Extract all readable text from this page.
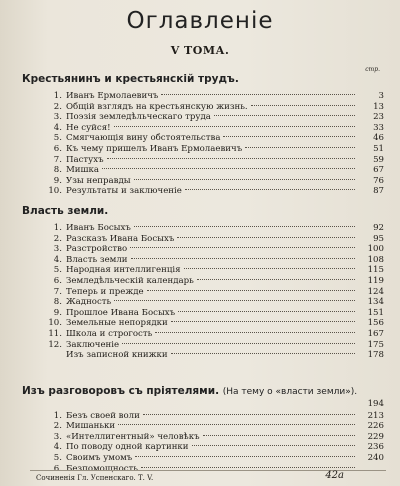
Оглавленіе
V ТОМА.
стр.
Крестьянинъ и крестьянскій трудъ.
1. Иванъ Ермолаевичъ	3
2. Общій взглядъ на крестьянскую жизнь.	13
3. Поэзія земледѣльческаго труда	23
4. Не суйся!	33
5. Смягчающія вину обстоятельства	46
6. Къ чему пришелъ Иванъ Ермолаевичъ	51
7. Пастухъ	59
8. Мишка	67
9. Узы неправды	76
10. Результаты и заключеніе	87
Власть земли.
1. Иванъ Босыхъ	92
2. Разсказъ Ивана Босыхъ	95
3. Разстройство	100
4. Власть земли	108
5. Народная интеллигенція	115
6. Земледѣльческій календарь	119
7. Теперь и прежде	124
8. Жадность	134
9. Прошлое Ивана Босыхъ	151
10. Земельные непорядки	156
11. Школа и строгость	167
12. Заключеніе	175
Изъ записной книжки	178
Изъ разговоровъ съ пріятелями. (На тему о «власти земли»).
194
1. Безъ своей воли	213
2. Мишаньки	226
3. «Интеллигентный» человѣкъ	229
4. По поводу одной картинки	236
5. Своимъ умомъ	240
6. Безпомощность
Сочиненія Гл. Успенскаго. Т. V.	42а
